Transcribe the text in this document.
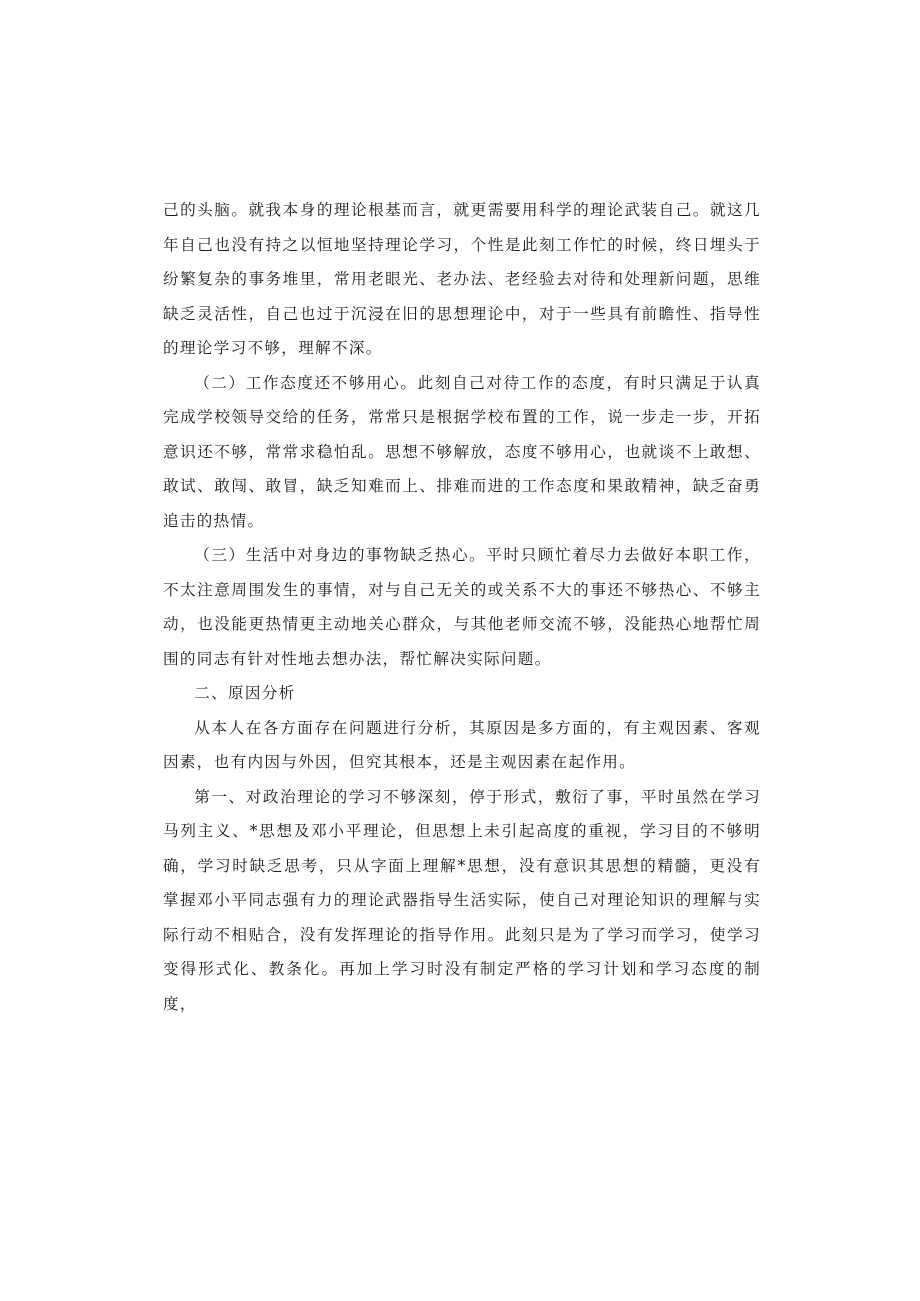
己的头脑。就我本身的理论根基而言，就更需要用科学的理论武装自己。就这几年自己也没有持之以恒地坚持理论学习，个性是此刻工作忙的时候，终日埋头于纷繁复杂的事务堆里，常用老眼光、老办法、老经验去对待和处理新问题，思维缺乏灵活性，自己也过于沉浸在旧的思想理论中，对于一些具有前瞻性、指导性的理论学习不够，理解不深。

（二）工作态度还不够用心。此刻自己对待工作的态度，有时只满足于认真完成学校领导交给的任务，常常只是根据学校布置的工作，说一步走一步，开拓意识还不够，常常求稳怕乱。思想不够解放，态度不够用心，也就谈不上敢想、敢试、敢闯、敢冒，缺乏知难而上、排难而进的工作态度和果敢精神，缺乏奋勇追击的热情。

（三）生活中对身边的事物缺乏热心。平时只顾忙着尽力去做好本职工作，不太注意周围发生的事情，对与自己无关的或关系不大的事还不够热心、不够主动，也没能更热情更主动地关心群众，与其他老师交流不够，没能热心地帮忙周围的同志有针对性地去想办法，帮忙解决实际问题。

二、原因分析

从本人在各方面存在问题进行分析，其原因是多方面的，有主观因素、客观因素，也有内因与外因，但究其根本，还是主观因素在起作用。

第一、对政治理论的学习不够深刻，停于形式，敷衍了事，平时虽然在学习马列主义、*思想及邓小平理论，但思想上未引起高度的重视，学习目的不够明确，学习时缺乏思考，只从字面上理解*思想，没有意识其思想的精髓，更没有掌握邓小平同志强有力的理论武器指导生活实际，使自己对理论知识的理解与实际行动不相贴合，没有发挥理论的指导作用。此刻只是为了学习而学习，使学习变得形式化、教条化。再加上学习时没有制定严格的学习计划和学习态度的制度，
